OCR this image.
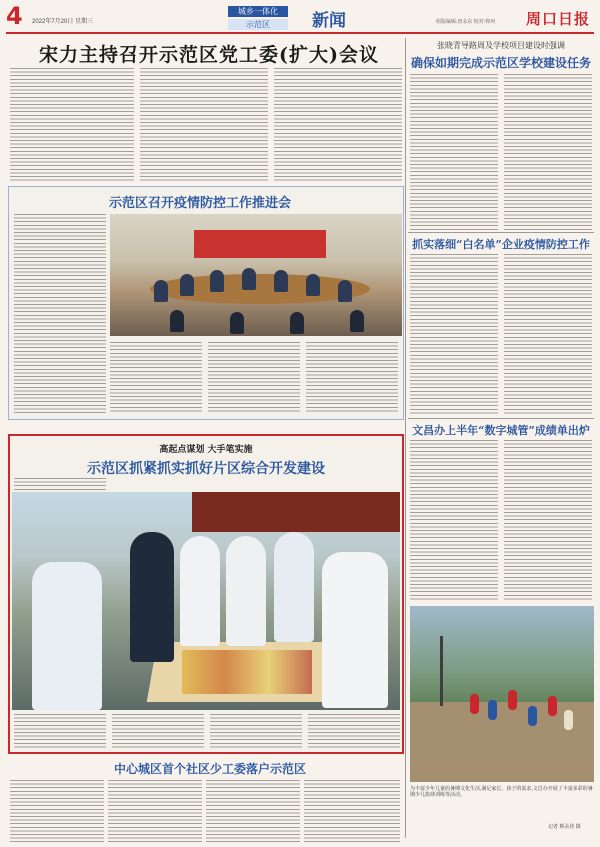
4 2022年7月20日 星期三
城乡一体化
示范区	新闻	组版编辑:唐永东 校对:仰珂 周口日报
宋力主持召开示范区党工委(扩大)会议	张晓青导路周及学校项目建设时强调
确保如期完成示范区学校建设任务
示范区召开疫情防控工作推进会
抓实落细“白名单”企业疫情防控工作
文昌办上半年“数字城管”成绩单出炉
高起点谋划 大手笔实施
示范区抓紧抓实抓好片区综合开发建设
中心城区首个社区少工委落户示范区

为丰富少年儿童的暑期文化生活,满足家长、孩子的需求,文昌办开展了丰富多彩的暑期少儿篮球训练等活动。

记者 蔡永佳 摄
